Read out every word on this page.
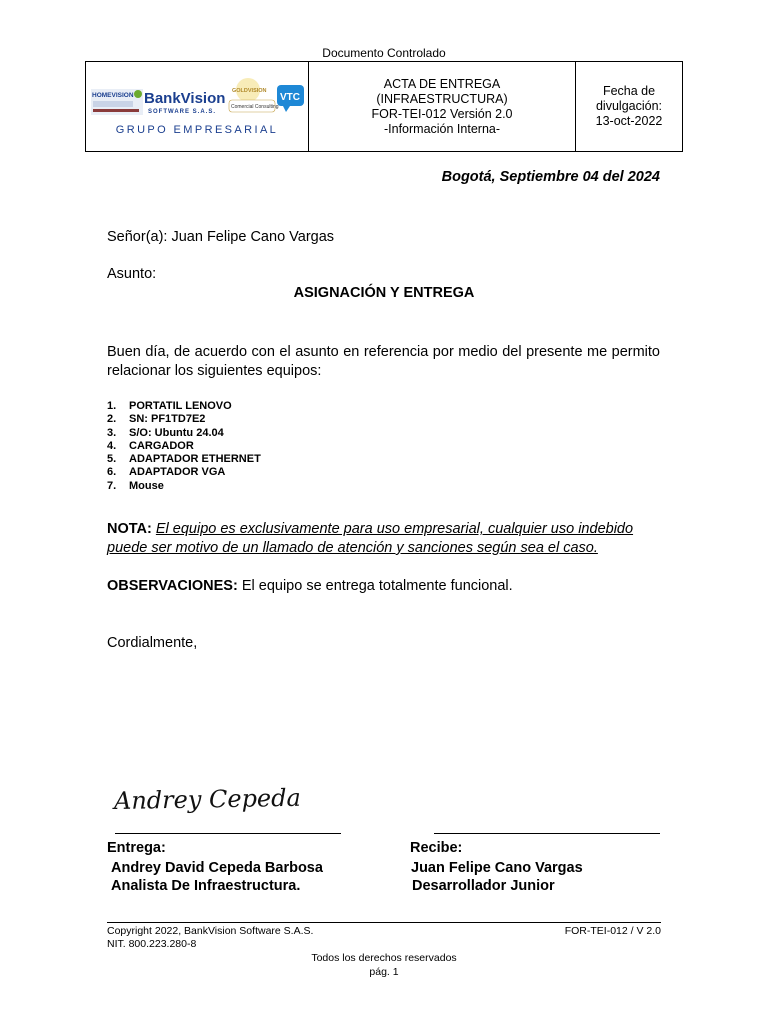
Documento Controlado
HOMEVISION BankVision
SOFTWARE S.A.S.
GOLDVISION
Comercial Consulting
VTC
GRUPO EMPRESARIAL

ACTA DE ENTREGA
(INFRAESTRUCTURA)
FOR-TEI-012 Versión 2.0
-Información Interna-

Fecha de
divulgación:
13-oct-2022
Bogotá, Septiembre 04 del 2024
Señor(a): Juan Felipe Cano Vargas
Asunto:
ASIGNACIÓN Y ENTREGA
Buen día, de acuerdo con el asunto en referencia por medio del presente me permito relacionar los siguientes equipos:
1. PORTATIL LENOVO
2. SN: PF1TD7E2
3. S/O: Ubuntu 24.04
4. CARGADOR
5. ADAPTADOR ETHERNET
6. ADAPTADOR VGA
7. Mouse
NOTA: El equipo es exclusivamente para uso empresarial, cualquier uso indebido puede ser motivo de un llamado de atención y sanciones según sea el caso.
OBSERVACIONES: El equipo se entrega totalmente funcional.
Cordialmente,
Andrey Cepeda
Entrega:
Andrey David Cepeda Barbosa
Analista De Infraestructura.
Recibe:
Juan Felipe Cano Vargas
Desarrollador Junior
Copyright 2022, BankVision Software S.A.S.
NIT. 800.223.280-8
FOR-TEI-012 / V 2.0
Todos los derechos reservados
pág. 1
